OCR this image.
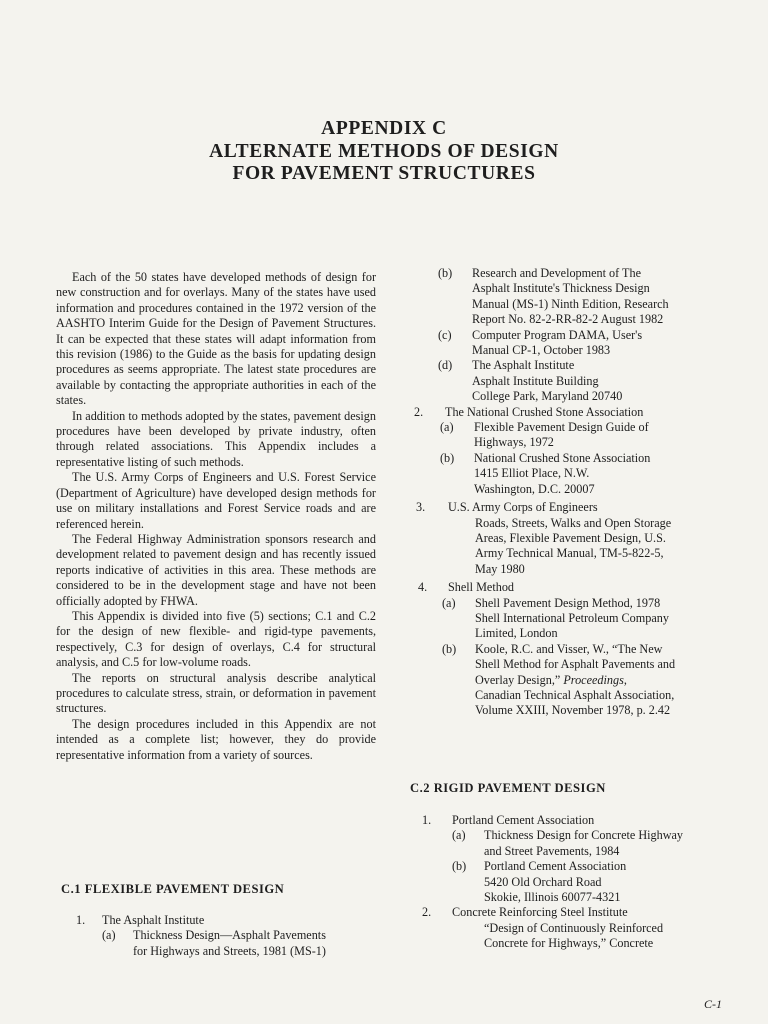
APPENDIX C
ALTERNATE METHODS OF DESIGN
FOR PAVEMENT STRUCTURES

Each of the 50 states have developed methods of design for new construction and for overlays. Many of the states have used information and procedures contained in the 1972 version of the AASHTO Interim Guide for the Design of Pavement Structures. It can be expected that these states will adapt information from this revision (1986) to the Guide as the basis for updating design procedures as seems appropriate. The latest state procedures are available by contacting the appropriate authorities in each of the states.

In addition to methods adopted by the states, pavement design procedures have been developed by private industry, often through related associations. This Appendix includes a representative listing of such methods.

The U.S. Army Corps of Engineers and U.S. Forest Service (Department of Agriculture) have developed design methods for use on military installations and Forest Service roads and are referenced herein.

The Federal Highway Administration sponsors research and development related to pavement design and has recently issued reports indicative of activities in this area. These methods are considered to be in the development stage and have not been officially adopted by FHWA.

This Appendix is divided into five (5) sections; C.1 and C.2 for the design of new flexible- and rigid-type pavements, respectively, C.3 for design of overlays, C.4 for structural analysis, and C.5 for low-volume roads.

The reports on structural analysis describe analytical procedures to calculate stress, strain, or deformation in pavement structures.

The design procedures included in this Appendix are not intended as a complete list; however, they do provide representative information from a variety of sources.

C.1 FLEXIBLE PAVEMENT DESIGN
1. The Asphalt Institute
(a) Thickness Design—Asphalt Pavements
for Highways and Streets, 1981 (MS-1)
(b) Research and Development of The
Asphalt Institute's Thickness Design
Manual (MS-1) Ninth Edition, Research
Report No. 82-2-RR-82-2 August 1982
(c) Computer Program DAMA, User's
Manual CP-1, October 1983
(d) The Asphalt Institute
Asphalt Institute Building
College Park, Maryland 20740
2. The National Crushed Stone Association
(a) Flexible Pavement Design Guide of
Highways, 1972
(b) National Crushed Stone Association
1415 Elliot Place, N.W.
Washington, D.C. 20007
3. U.S. Army Corps of Engineers
Roads, Streets, Walks and Open Storage
Areas, Flexible Pavement Design, U.S.
Army Technical Manual, TM-5-822-5,
May 1980
4. Shell Method
(a) Shell Pavement Design Method, 1978
Shell International Petroleum Company
Limited, London
(b) Koole, R.C. and Visser, W., “The New
Shell Method for Asphalt Pavements and
Overlay Design,” Proceedings,
Canadian Technical Asphalt Association,
Volume XXIII, November 1978, p. 2.42
C.2 RIGID PAVEMENT DESIGN
1. Portland Cement Association
(a) Thickness Design for Concrete Highway
and Street Pavements, 1984
(b) Portland Cement Association
5420 Old Orchard Road
Skokie, Illinois 60077-4321
2. Concrete Reinforcing Steel Institute
“Design of Continuously Reinforced
Concrete for Highways,” Concrete
C-1
